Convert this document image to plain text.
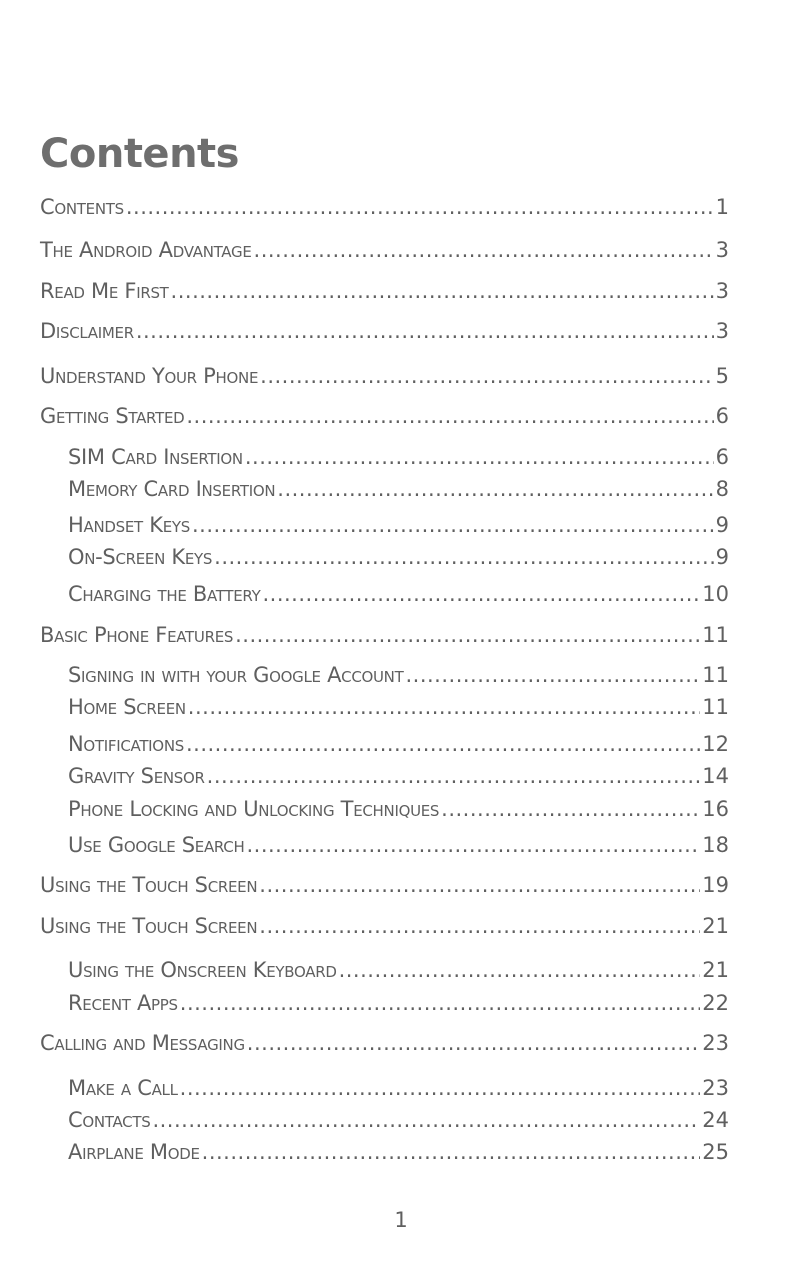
Contents
Contents .....	1
The Android Advantage .....	3
Read Me First .....	3
Disclaimer .....	3
Understand Your Phone .....	5
Getting Started .....	6
SIM Card Insertion .....	6
Memory Card Insertion .....	8
Handset Keys .....	9
On-Screen Keys .....	9
Charging the Battery .....	10
Basic Phone Features .....	11
Signing in with your Google Account .....	11
Home Screen .....	11
Notifications .....	12
Gravity Sensor .....	14
Phone Locking and Unlocking Techniques .....	16
Use Google Search .....	18
Using the Touch Screen .....	19
Using the Touch Screen .....	21
Using the Onscreen Keyboard .....	21
Recent Apps .....	22
Calling and Messaging .....	23
Make a Call .....	23
Contacts .....	24
Airplane Mode .....	25
1
